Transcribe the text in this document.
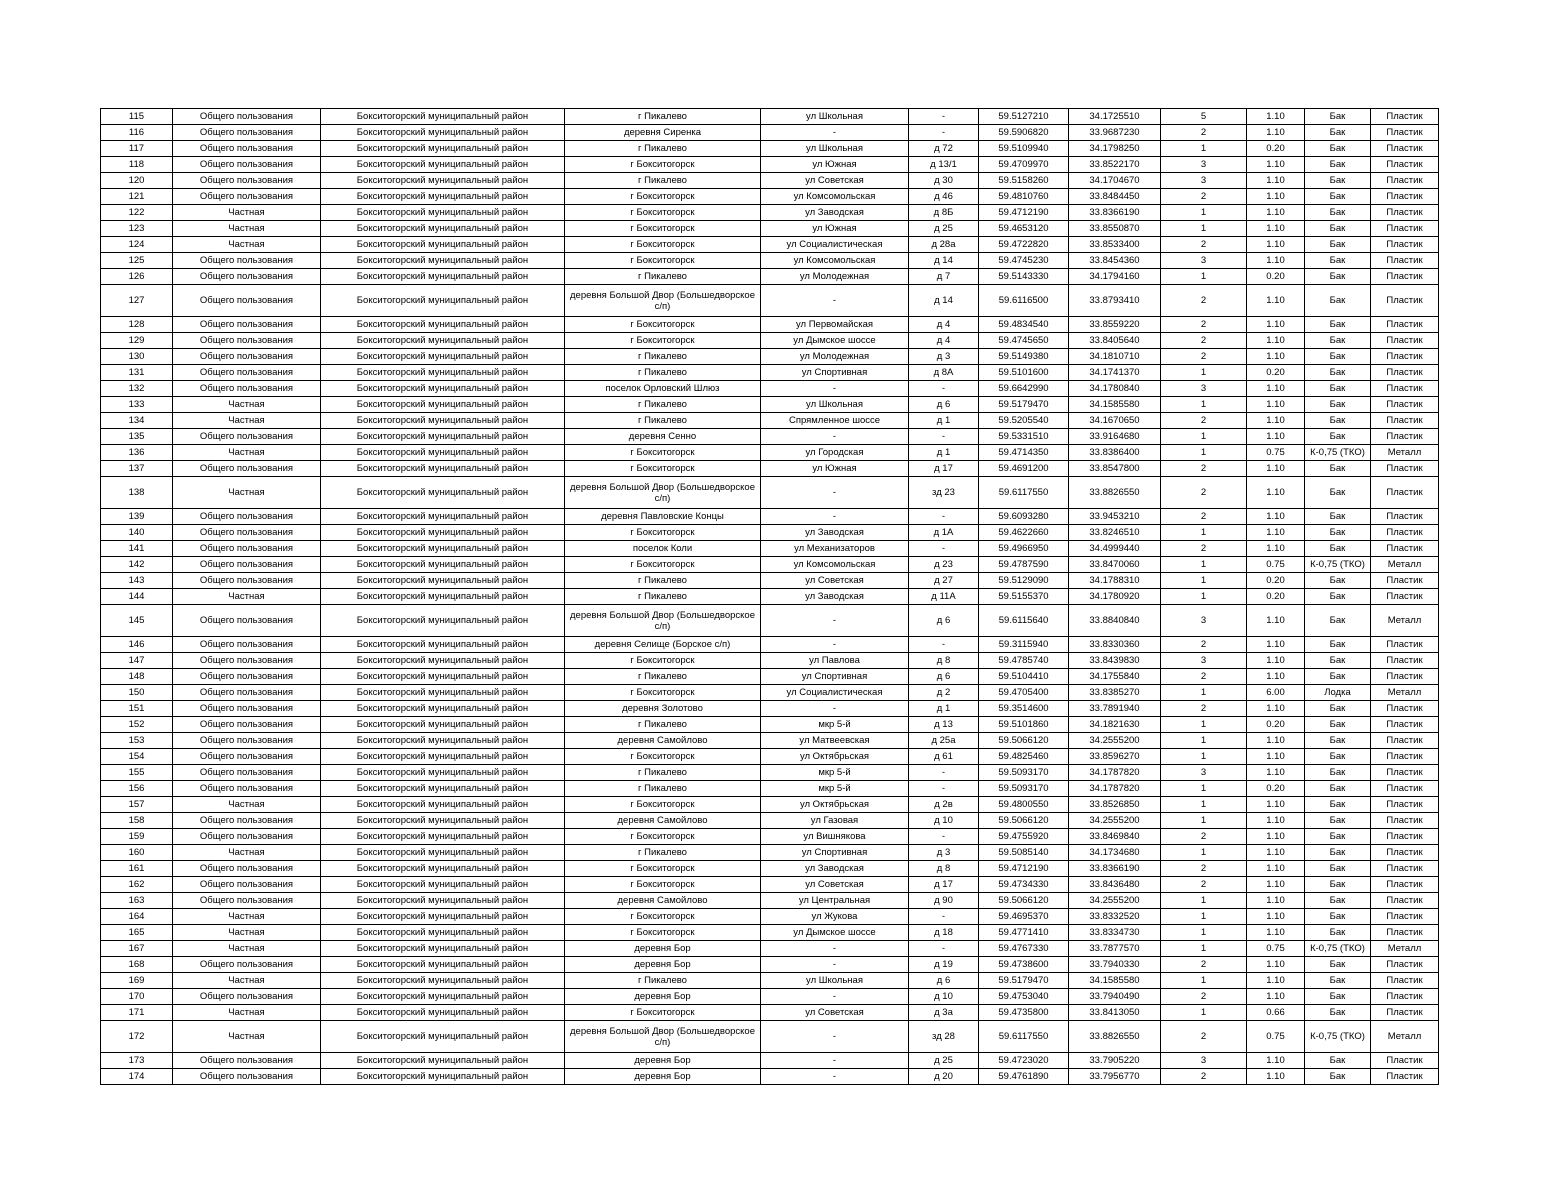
115	Общего пользования	Бокситогорский муниципальный район	г Пикалево	ул Школьная	-	59.5127210	34.1725510	5	1.10	Бак	Пластик
116	Общего пользования	Бокситогорский муниципальный район	деревня Сиренка	-	-	59.5906820	33.9687230	2	1.10	Бак	Пластик
117	Общего пользования	Бокситогорский муниципальный район	г Пикалево	ул Школьная	д 72	59.5109940	34.1798250	1	0.20	Бак	Пластик
118	Общего пользования	Бокситогорский муниципальный район	г Бокситогорск	ул Южная	д 13/1	59.4709970	33.8522170	3	1.10	Бак	Пластик
120	Общего пользования	Бокситогорский муниципальный район	г Пикалево	ул Советская	д 30	59.5158260	34.1704670	3	1.10	Бак	Пластик
121	Общего пользования	Бокситогорский муниципальный район	г Бокситогорск	ул Комсомольская	д 46	59.4810760	33.8484450	2	1.10	Бак	Пластик
122	Частная	Бокситогорский муниципальный район	г Бокситогорск	ул Заводская	д 8Б	59.4712190	33.8366190	1	1.10	Бак	Пластик
123	Частная	Бокситогорский муниципальный район	г Бокситогорск	ул Южная	д 25	59.4653120	33.8550870	1	1.10	Бак	Пластик
124	Частная	Бокситогорский муниципальный район	г Бокситогорск	ул Социалистическая	д 28а	59.4722820	33.8533400	2	1.10	Бак	Пластик
125	Общего пользования	Бокситогорский муниципальный район	г Бокситогорск	ул Комсомольская	д 14	59.4745230	33.8454360	3	1.10	Бак	Пластик
126	Общего пользования	Бокситогорский муниципальный район	г Пикалево	ул Молодежная	д 7	59.5143330	34.1794160	1	0.20	Бак	Пластик
127	Общего пользования	Бокситогорский муниципальный район	деревня Большой Двор (Большедворское с/п)	-	д 14	59.6116500	33.8793410	2	1.10	Бак	Пластик
128	Общего пользования	Бокситогорский муниципальный район	г Бокситогорск	ул Первомайская	д 4	59.4834540	33.8559220	2	1.10	Бак	Пластик
129	Общего пользования	Бокситогорский муниципальный район	г Бокситогорск	ул Дымское шоссе	д 4	59.4745650	33.8405640	2	1.10	Бак	Пластик
130	Общего пользования	Бокситогорский муниципальный район	г Пикалево	ул Молодежная	д 3	59.5149380	34.1810710	2	1.10	Бак	Пластик
131	Общего пользования	Бокситогорский муниципальный район	г Пикалево	ул Спортивная	д 8А	59.5101600	34.1741370	1	0.20	Бак	Пластик
132	Общего пользования	Бокситогорский муниципальный район	поселок Орловский Шлюз	-	-	59.6642990	34.1780840	3	1.10	Бак	Пластик
133	Частная	Бокситогорский муниципальный район	г Пикалево	ул Школьная	д 6	59.5179470	34.1585580	1	1.10	Бак	Пластик
134	Частная	Бокситогорский муниципальный район	г Пикалево	Спрямленное шоссе	д 1	59.5205540	34.1670650	2	1.10	Бак	Пластик
135	Общего пользования	Бокситогорский муниципальный район	деревня Сенно	-	-	59.5331510	33.9164680	1	1.10	Бак	Пластик
136	Частная	Бокситогорский муниципальный район	г Бокситогорск	ул Городская	д 1	59.4714350	33.8386400	1	0.75	К-0,75 (ТКО)	Металл
137	Общего пользования	Бокситогорский муниципальный район	г Бокситогорск	ул Южная	д 17	59.4691200	33.8547800	2	1.10	Бак	Пластик
138	Частная	Бокситогорский муниципальный район	деревня Большой Двор (Большедворское с/п)	-	зд 23	59.6117550	33.8826550	2	1.10	Бак	Пластик
139	Общего пользования	Бокситогорский муниципальный район	деревня Павловские Концы	-	-	59.6093280	33.9453210	2	1.10	Бак	Пластик
140	Общего пользования	Бокситогорский муниципальный район	г Бокситогорск	ул Заводская	д 1А	59.4622660	33.8246510	1	1.10	Бак	Пластик
141	Общего пользования	Бокситогорский муниципальный район	поселок Коли	ул Механизаторов	-	59.4966950	34.4999440	2	1.10	Бак	Пластик
142	Общего пользования	Бокситогорский муниципальный район	г Бокситогорск	ул Комсомольская	д 23	59.4787590	33.8470060	1	0.75	К-0,75 (ТКО)	Металл
143	Общего пользования	Бокситогорский муниципальный район	г Пикалево	ул Советская	д 27	59.5129090	34.1788310	1	0.20	Бак	Пластик
144	Частная	Бокситогорский муниципальный район	г Пикалево	ул Заводская	д 11А	59.5155370	34.1780920	1	0.20	Бак	Пластик
145	Общего пользования	Бокситогорский муниципальный район	деревня Большой Двор (Большедворское с/п)	-	д 6	59.6115640	33.8840840	3	1.10	Бак	Металл
146	Общего пользования	Бокситогорский муниципальный район	деревня Селище (Борское с/п)	-	-	59.3115940	33.8330360	2	1.10	Бак	Пластик
147	Общего пользования	Бокситогорский муниципальный район	г Бокситогорск	ул Павлова	д 8	59.4785740	33.8439830	3	1.10	Бак	Пластик
148	Общего пользования	Бокситогорский муниципальный район	г Пикалево	ул Спортивная	д 6	59.5104410	34.1755840	2	1.10	Бак	Пластик
150	Общего пользования	Бокситогорский муниципальный район	г Бокситогорск	ул Социалистическая	д 2	59.4705400	33.8385270	1	6.00	Лодка	Металл
151	Общего пользования	Бокситогорский муниципальный район	деревня Золотово	-	д 1	59.3514600	33.7891940	2	1.10	Бак	Пластик
152	Общего пользования	Бокситогорский муниципальный район	г Пикалево	мкр 5-й	д 13	59.5101860	34.1821630	1	0.20	Бак	Пластик
153	Общего пользования	Бокситогорский муниципальный район	деревня Самойлово	ул Матвеевская	д 25а	59.5066120	34.2555200	1	1.10	Бак	Пластик
154	Общего пользования	Бокситогорский муниципальный район	г Бокситогорск	ул Октябрьская	д 61	59.4825460	33.8596270	1	1.10	Бак	Пластик
155	Общего пользования	Бокситогорский муниципальный район	г Пикалево	мкр 5-й	-	59.5093170	34.1787820	3	1.10	Бак	Пластик
156	Общего пользования	Бокситогорский муниципальный район	г Пикалево	мкр 5-й	-	59.5093170	34.1787820	1	0.20	Бак	Пластик
157	Частная	Бокситогорский муниципальный район	г Бокситогорск	ул Октябрьская	д 2в	59.4800550	33.8526850	1	1.10	Бак	Пластик
158	Общего пользования	Бокситогорский муниципальный район	деревня Самойлово	ул Газовая	д 10	59.5066120	34.2555200	1	1.10	Бак	Пластик
159	Общего пользования	Бокситогорский муниципальный район	г Бокситогорск	ул Вишнякова	-	59.4755920	33.8469840	2	1.10	Бак	Пластик
160	Частная	Бокситогорский муниципальный район	г Пикалево	ул Спортивная	д 3	59.5085140	34.1734680	1	1.10	Бак	Пластик
161	Общего пользования	Бокситогорский муниципальный район	г Бокситогорск	ул Заводская	д 8	59.4712190	33.8366190	2	1.10	Бак	Пластик
162	Общего пользования	Бокситогорский муниципальный район	г Бокситогорск	ул Советская	д 17	59.4734330	33.8436480	2	1.10	Бак	Пластик
163	Общего пользования	Бокситогорский муниципальный район	деревня Самойлово	ул Центральная	д 90	59.5066120	34.2555200	1	1.10	Бак	Пластик
164	Частная	Бокситогорский муниципальный район	г Бокситогорск	ул Жукова	-	59.4695370	33.8332520	1	1.10	Бак	Пластик
165	Частная	Бокситогорский муниципальный район	г Бокситогорск	ул Дымское шоссе	д 18	59.4771410	33.8334730	1	1.10	Бак	Пластик
167	Частная	Бокситогорский муниципальный район	деревня Бор	-	-	59.4767330	33.7877570	1	0.75	К-0,75 (ТКО)	Металл
168	Общего пользования	Бокситогорский муниципальный район	деревня Бор	-	д 19	59.4738600	33.7940330	2	1.10	Бак	Пластик
169	Частная	Бокситогорский муниципальный район	г Пикалево	ул Школьная	д 6	59.5179470	34.1585580	1	1.10	Бак	Пластик
170	Общего пользования	Бокситогорский муниципальный район	деревня Бор	-	д 10	59.4753040	33.7940490	2	1.10	Бак	Пластик
171	Частная	Бокситогорский муниципальный район	г Бокситогорск	ул Советская	д 3а	59.4735800	33.8413050	1	0.66	Бак	Пластик
172	Частная	Бокситогорский муниципальный район	деревня Большой Двор (Большедворское с/п)	-	зд 28	59.6117550	33.8826550	2	0.75	К-0,75 (ТКО)	Металл
173	Общего пользования	Бокситогорский муниципальный район	деревня Бор	-	д 25	59.4723020	33.7905220	3	1.10	Бак	Пластик
174	Общего пользования	Бокситогорский муниципальный район	деревня Бор	-	д 20	59.4761890	33.7956770	2	1.10	Бак	Пластик
